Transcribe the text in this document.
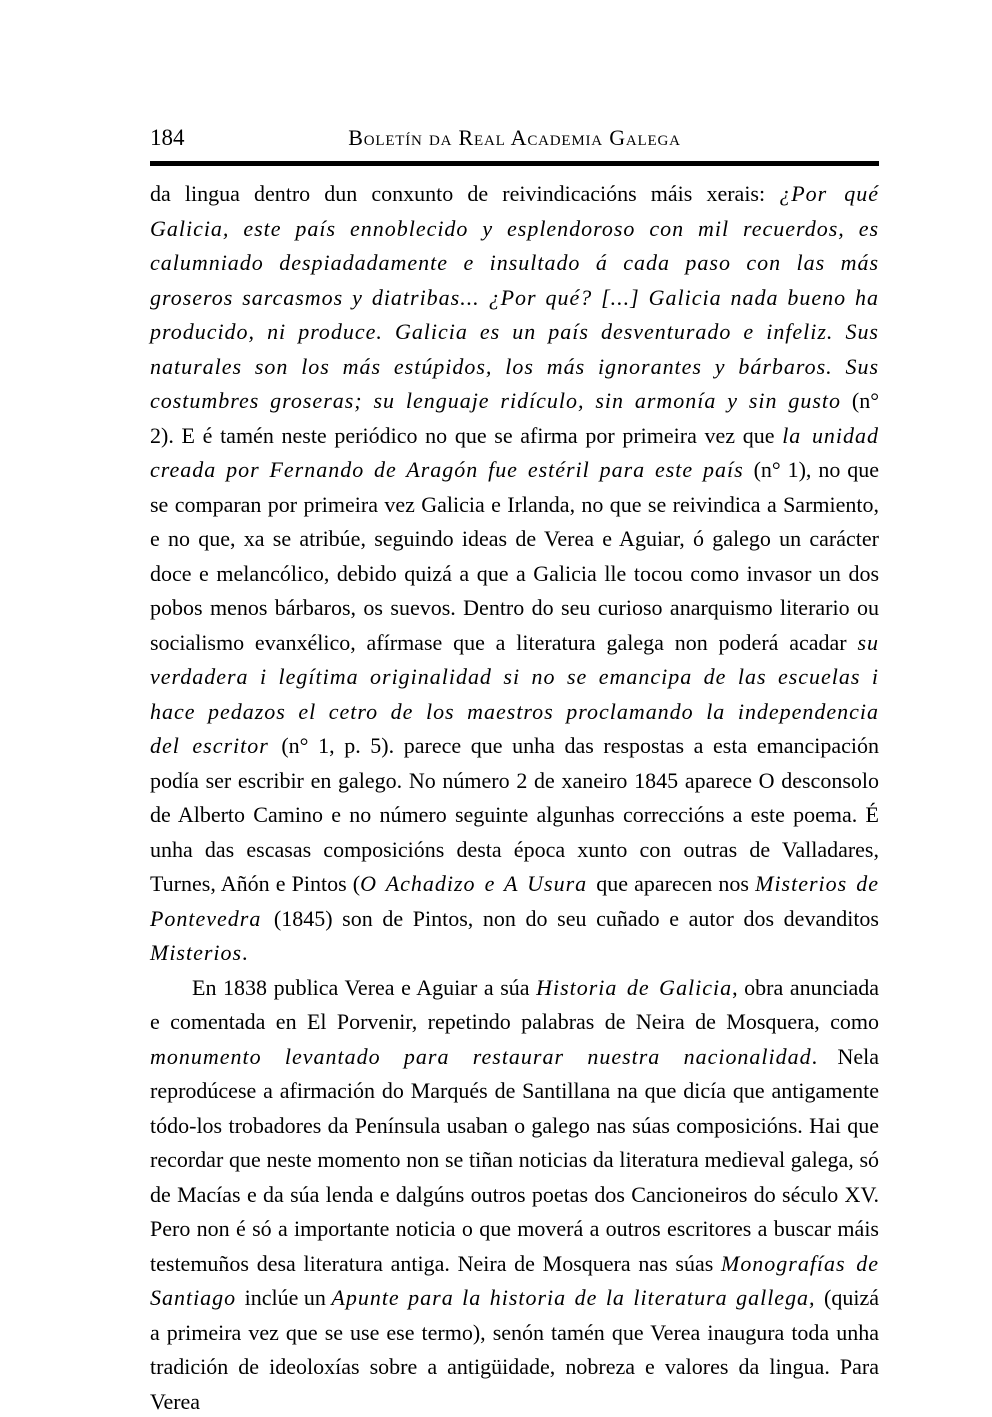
184	Boletín da Real Academia Galega

da lingua dentro dun conxunto de reivindicacións máis xerais: ¿Por qué Galicia, este país ennoblecido y esplendoroso con mil recuerdos, es calumniado despiadadamente e insultado á cada paso con las más groseros sarcasmos y diatribas... ¿Por qué? [...] Galicia nada bueno ha producido, ni produce. Galicia es un país desventurado e infeliz. Sus naturales son los más estúpidos, los más ignorantes y bárbaros. Sus costumbres groseras; su lenguaje ridículo, sin armonía y sin gusto (n° 2). E é tamén neste periódico no que se afirma por primeira vez que la unidad creada por Fernando de Aragón fue estéril para este país (n° 1), no que se comparan por primeira vez Galicia e Irlanda, no que se reivindica a Sarmiento, e no que, xa se atribúe, seguindo ideas de Verea e Aguiar, ó galego un carácter doce e melancólico, debido quizá a que a Galicia lle tocou como invasor un dos pobos menos bárbaros, os suevos. Dentro do seu curioso anarquismo literario ou socialismo evanxélico, afírmase que a literatura galega non poderá acadar su verdadera i legítima originalidad si no se emancipa de las escuelas i hace pedazos el cetro de los maestros proclamando la independencia del escritor (n° 1, p. 5). parece que unha das respostas a esta emancipación podía ser escribir en galego. No número 2 de xaneiro 1845 aparece O desconsolo de Alberto Camino e no número seguinte algunhas correccións a este poema. É unha das escasas composicións desta época xunto con outras de Valladares, Turnes, Añón e Pintos (O Achadizo e A Usura que aparecen nos Misterios de Pontevedra (1845) son de Pintos, non do seu cuñado e autor dos devanditos Misterios.

En 1838 publica Verea e Aguiar a súa Historia de Galicia, obra anunciada e comentada en El Porvenir, repetindo palabras de Neira de Mosquera, como monumento levantado para restaurar nuestra nacionalidad. Nela reprodúcese a afirmación do Marqués de Santillana na que dicía que antigamente tódo-los trobadores da Península usaban o galego nas súas composicións. Hai que recordar que neste momento non se tiñan noticias da literatura medieval galega, só de Macías e da súa lenda e dalgúns outros poetas dos Cancioneiros do século XV. Pero non é só a importante noticia o que moverá a outros escritores a buscar máis testemuños desa literatura antiga. Neira de Mosquera nas súas Monografías de Santiago inclúe un Apunte para la historia de la literatura gallega, (quizá a primeira vez que se use ese termo), senón tamén que Verea inaugura toda unha tradición de ideoloxías sobre a antigüidade, nobreza e valores da lingua. Para Verea
